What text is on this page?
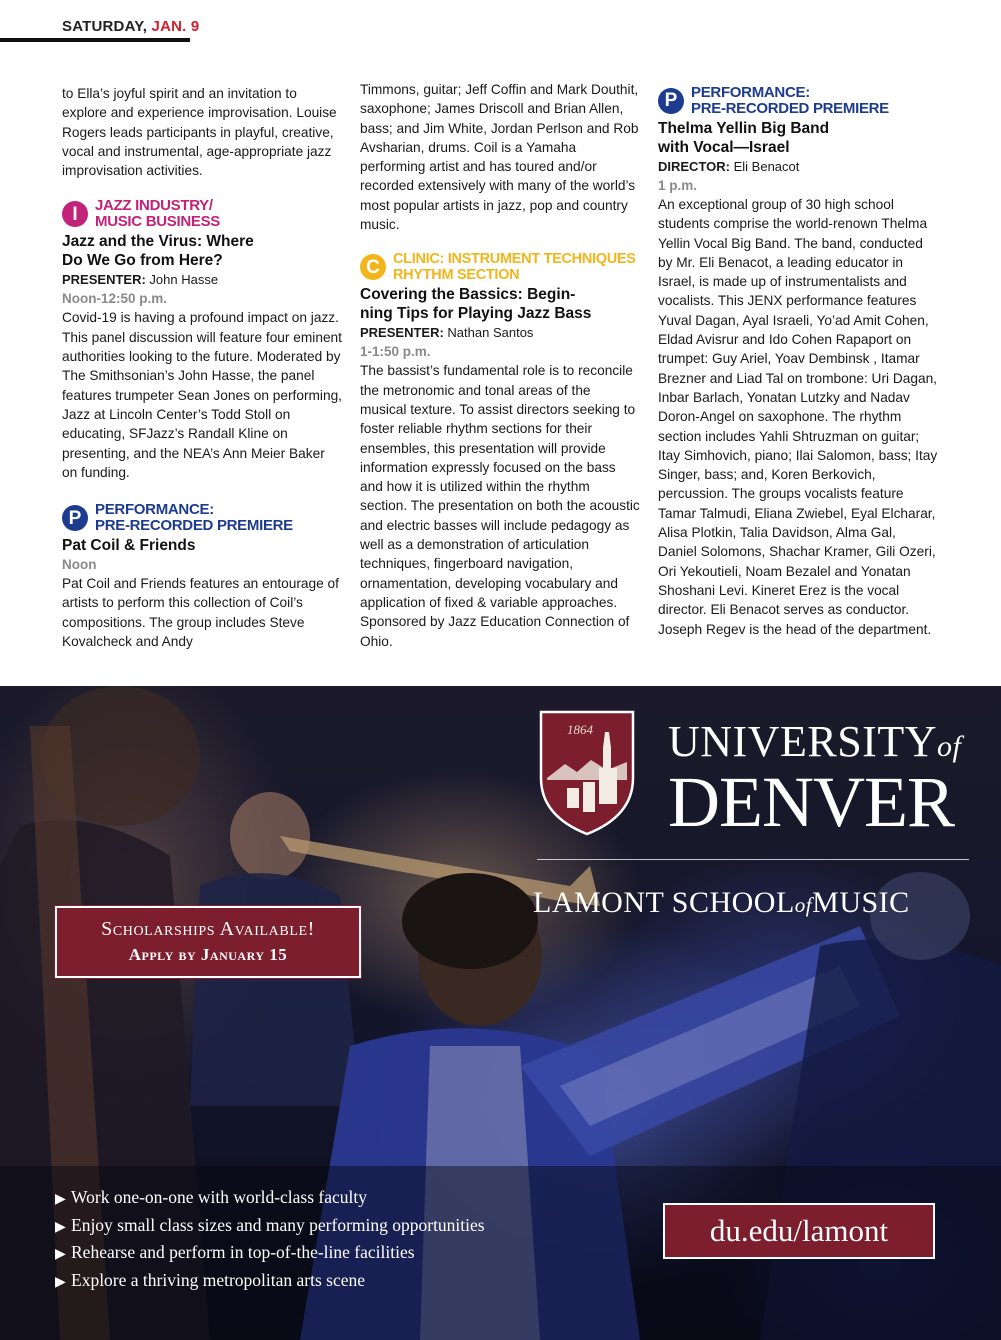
SATURDAY, JAN. 9

to Ella’s joyful spirit and an invitation to explore and experience improvisation. Louise Rogers leads participants in playful, creative, vocal and instrumental, age-appropriate jazz improvisation activities.

I	JAZZ INDUSTRY/
MUSIC BUSINESS
Jazz and the Virus: Where
Do We Go from Here?
PRESENTER: John Hasse
Noon-12:50 p.m.

Covid-19 is having a profound impact on jazz. This panel discussion will feature four eminent authorities looking to the future. Moderated by The Smithsonian’s John Hasse, the panel features trumpeter Sean Jones on performing, Jazz at Lincoln Center’s Todd Stoll on educating, SFJazz’s Randall Kline on presenting, and the NEA’s Ann Meier Baker on funding.

P PERFORMANCE:
PRE-RECORDED PREMIERE
Pat Coil & Friends
Noon

Pat Coil and Friends features an entourage of artists to perform this collection of Coil’s compositions. The group includes Steve Kovalcheck and Andy

Timmons, guitar; Jeff Coffin and Mark Douthit, saxophone; James Driscoll and Brian Allen, bass; and Jim White, Jordan Perlson and Rob Avsharian, drums. Coil is a Yamaha performing artist and has toured and/or recorded extensively with many of the world’s most popular artists in jazz, pop and country music.

C CLINIC: INSTRUMENT TECHNIQUES
RHYTHM SECTION
Covering the Bassics: Begin-
ning Tips for Playing Jazz Bass
PRESENTER: Nathan Santos
1-1:50 p.m.

The bassist’s fundamental role is to reconcile the metronomic and tonal areas of the musical texture. To assist directors seeking to foster reliable rhythm sections for their ensembles, this presentation will provide information expressly focused on the bass and how it is utilized within the rhythm section. The presentation on both the acoustic and electric basses will include pedagogy as well as a demonstration of articulation techniques, fingerboard navigation, ornamentation, developing vocabulary and application of fixed & variable approaches. Sponsored by Jazz Education Connection of Ohio.

P PERFORMANCE:
PRE-RECORDED PREMIERE
Thelma Yellin Big Band
with Vocal—Israel
DIRECTOR: Eli Benacot
1 p.m.

An exceptional group of 30 high school students comprise the world-renown Thelma Yellin Vocal Big Band. The band, conducted by Mr. Eli Benacot, a leading educator in Israel, is made up of instrumentalists and vocalists. This JENX performance features Yuval Dagan, Ayal Israeli, Yo’ad Amit Cohen, Eldad Avisrur and Ido Cohen Rapaport on trumpet: Guy Ariel, Yoav Dembinsk , Itamar Brezner and Liad Tal on trombone: Uri Dagan, Inbar Barlach, Yonatan Lutzky and Nadav Doron-Angel on saxophone. The rhythm section includes Yahli Shtruzman on guitar; Itay Simhovich, piano; Ilai Salomon, bass; Itay Singer, bass; and, Koren Berkovich, percussion. The groups vocalists feature Tamar Talmudi, Eliana Zwiebel, Eyal Elcharar, Alisa Plotkin, Talia Davidson, Alma Gal, Daniel Solomons, Shachar Kramer, Gili Ozeri, Ori Yekoutieli, Noam Bezalel and Yonatan Shoshani Levi. Kineret Erez is the vocal director. Eli Benacot serves as conductor. Joseph Regev is the head of the department.

1864 UNIVERSITYof
DENVER
LAMONT SCHOOLofMUSIC
Scholarships Available!
Apply by January 15
▶ Work one-on-one with world-class faculty
▶ Enjoy small class sizes and many performing opportunities
▶ Rehearse and perform in top-of-the-line facilities
▶ Explore a thriving metropolitan arts scene
du.edu/lamont
